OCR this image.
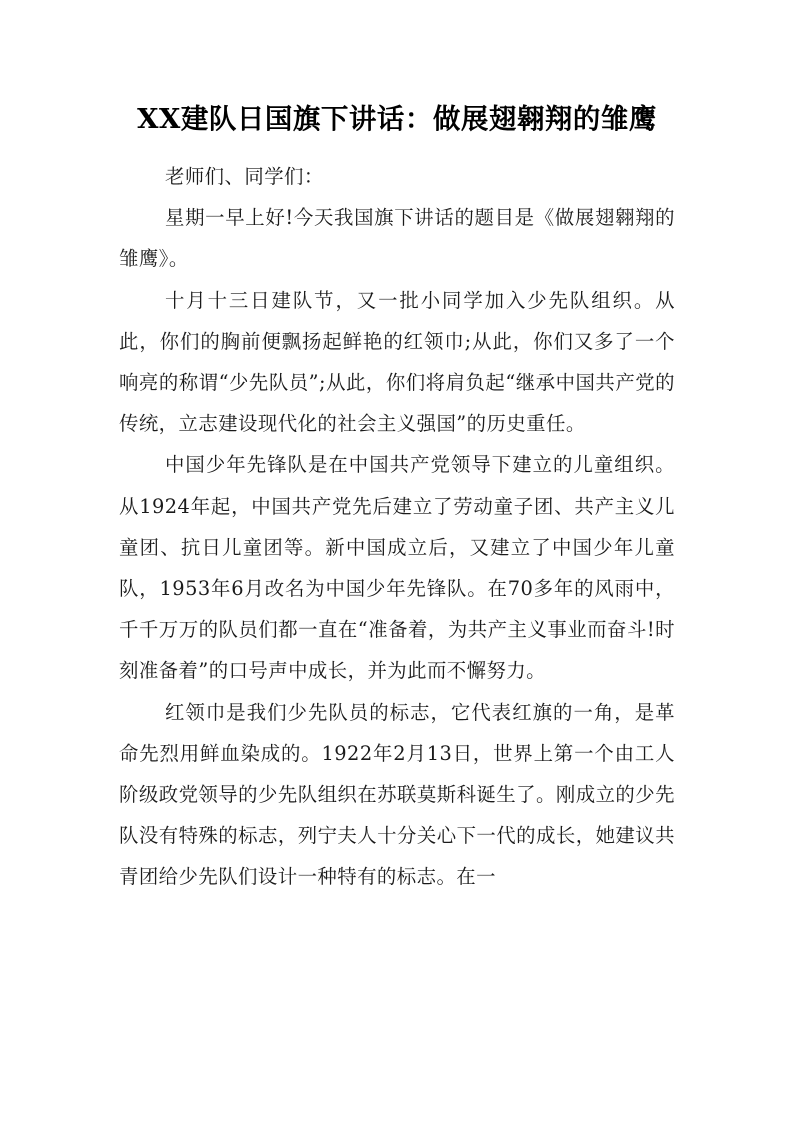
XX建队日国旗下讲话：做展翅翱翔的雏鹰

老师们、同学们：

星期一早上好!今天我国旗下讲话的题目是《做展翅翱翔的雏鹰》。

十月十三日建队节，又一批小同学加入少先队组织。从此，你们的胸前便飘扬起鲜艳的红领巾;从此，你们又多了一个响亮的称谓“少先队员”;从此，你们将肩负起“继承中国共产党的传统，立志建设现代化的社会主义强国”的历史重任。

中国少年先锋队是在中国共产党领导下建立的儿童组织。从1924年起，中国共产党先后建立了劳动童子团、共产主义儿童团、抗日儿童团等。新中国成立后，又建立了中国少年儿童队，1953年6月改名为中国少年先锋队。在70多年的风雨中，千千万万的队员们都一直在“准备着，为共产主义事业而奋斗!时刻准备着”的口号声中成长，并为此而不懈努力。

红领巾是我们少先队员的标志，它代表红旗的一角，是革命先烈用鲜血染成的。1922年2月13日，世界上第一个由工人阶级政党领导的少先队组织在苏联莫斯科诞生了。刚成立的少先队没有特殊的标志，列宁夫人十分关心下一代的成长，她建议共青团给少先队们设计一种特有的标志。在一
